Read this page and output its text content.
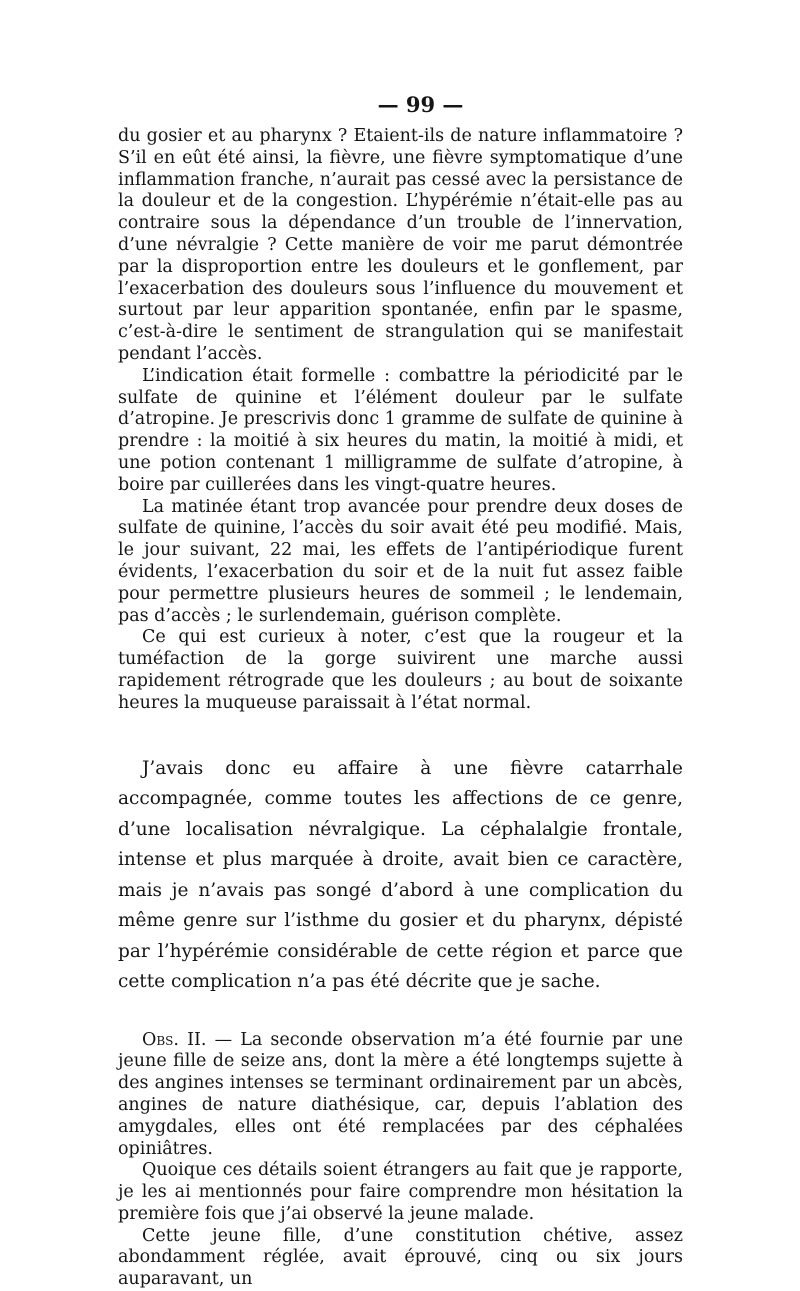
— 99 —

du gosier et au pharynx ? Etaient-ils de nature inflammatoire ? S’il en eût été ainsi, la fièvre, une fièvre symptomatique d’une inflammation franche, n’aurait pas cessé avec la persistance de la douleur et de la congestion. L’hypérémie n’était-elle pas au contraire sous la dépendance d’un trouble de l’innervation, d’une névralgie ? Cette manière de voir me parut démontrée par la disproportion entre les douleurs et le gonflement, par l’exacerbation des douleurs sous l’influence du mouvement et surtout par leur apparition spontanée, enfin par le spasme, c’est-à-dire le sentiment de strangulation qui se manifestait pendant l’accès.

L’indication était formelle : combattre la périodicité par le sulfate de quinine et l’élément douleur par le sulfate d’atropine. Je prescrivis donc 1 gramme de sulfate de quinine à prendre : la moitié à six heures du matin, la moitié à midi, et une potion contenant 1 milligramme de sulfate d’atropine, à boire par cuillerées dans les vingt-quatre heures.

La matinée étant trop avancée pour prendre deux doses de sulfate de quinine, l’accès du soir avait été peu modifié. Mais, le jour suivant, 22 mai, les effets de l’antipériodique furent évidents, l’exacerbation du soir et de la nuit fut assez faible pour permettre plusieurs heures de sommeil ; le lendemain, pas d’accès ; le surlendemain, guérison complète.

Ce qui est curieux à noter, c’est que la rougeur et la tuméfaction de la gorge suivirent une marche aussi rapidement rétrograde que les douleurs ; au bout de soixante heures la muqueuse paraissait à l’état normal.

J’avais donc eu affaire à une fièvre catarrhale accompagnée, comme toutes les affections de ce genre, d’une localisation névralgique. La céphalalgie frontale, intense et plus marquée à droite, avait bien ce caractère, mais je n’avais pas songé d’abord à une complication du même genre sur l’isthme du gosier et du pharynx, dépisté par l’hypérémie considérable de cette région et parce que cette complication n’a pas été décrite que je sache.

Obs. II. — La seconde observation m’a été fournie par une jeune fille de seize ans, dont la mère a été longtemps sujette à des angines intenses se terminant ordinairement par un abcès, angines de nature diathésique, car, depuis l’ablation des amygdales, elles ont été remplacées par des céphalées opiniâtres.

Quoique ces détails soient étrangers au fait que je rapporte, je les ai mentionnés pour faire comprendre mon hésitation la première fois que j’ai observé la jeune malade.

Cette jeune fille, d’une constitution chétive, assez abondamment réglée, avait éprouvé, cinq ou six jours auparavant, un
